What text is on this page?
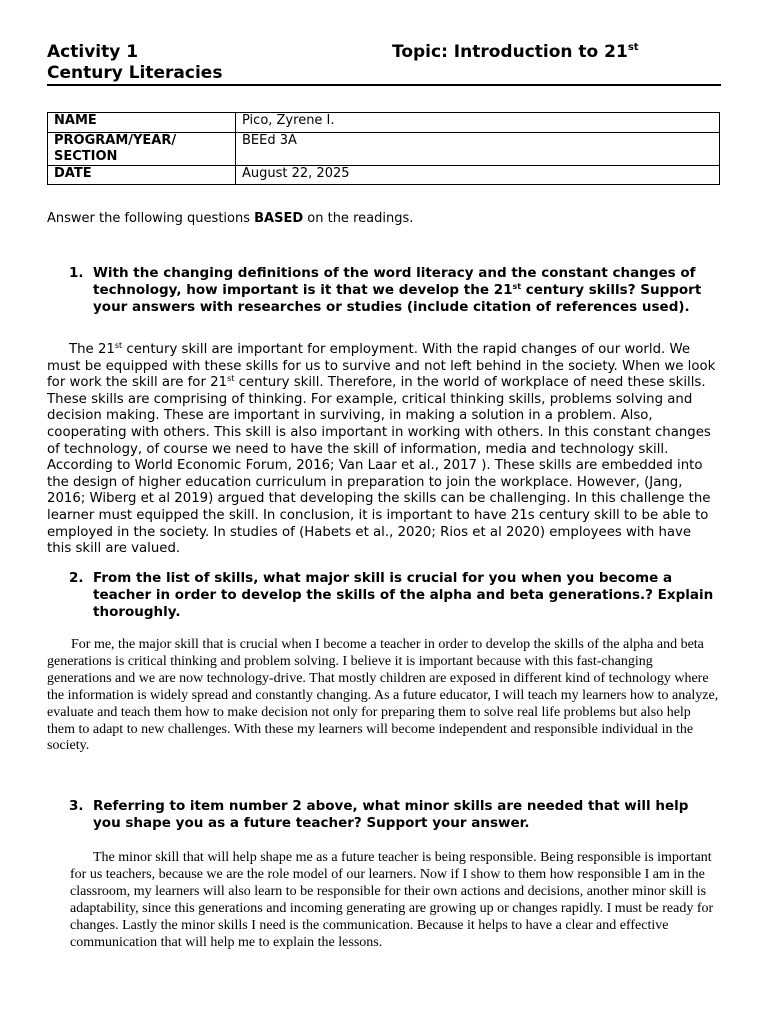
Activity 1
Century Literacies
Topic: Introduction to 21st
NAME	Pico, Zyrene I.

PROGRAM/YEAR/
SECTION	BEEd 3A
DATE	August 22, 2025
Answer the following questions BASED on the readings.
1. With the changing definitions of the word literacy and the constant changes of technology, how important is it that we develop the 21st century skills? Support your answers with researches or studies (include citation of references used).

The 21st century skill are important for employment. With the rapid changes of our world. We must be equipped with these skills for us to survive and not left behind in the society. When we look for work the skill are for 21st century skill. Therefore, in the world of workplace of need these skills. These skills are comprising of thinking. For example, critical thinking skills, problems solving and decision making. These are important in surviving, in making a solution in a problem. Also, cooperating with others. This skill is also important in working with others. In this constant changes of technology, of course we need to have the skill of information, media and technology skill. According to World Economic Forum, 2016; Van Laar et al., 2017 ). These skills are embedded into the design of higher education curriculum in preparation to join the workplace. However, (Jang, 2016; Wiberg et al 2019) argued that developing the skills can be challenging. In this challenge the learner must equipped the skill. In conclusion, it is important to have 21s century skill to be able to employed in the society. In studies of (Habets et al., 2020; Rios et al 2020) employees with have this skill are valued.

2. From the list of skills, what major skill is crucial for you when you become a teacher in order to develop the skills of the alpha and beta generations.? Explain thoroughly.

For me, the major skill that is crucial when I become a teacher in order to develop the skills of the alpha and beta generations is critical thinking and problem solving. I believe it is important because with this fast-changing generations and we are now technology-drive. That mostly children are exposed in different kind of technology where the information is widely spread and constantly changing. As a future educator, I will teach my learners how to analyze, evaluate and teach them how to make decision not only for preparing them to solve real life problems but also help them to adapt to new challenges. With these my learners will become independent and responsible individual in the society.

3. Referring to item number 2 above, what minor skills are needed that will help you shape you as a future teacher? Support your answer.

The minor skill that will help shape me as a future teacher is being responsible. Being responsible is important for us teachers, because we are the role model of our learners. Now if I show to them how responsible I am in the classroom, my learners will also learn to be responsible for their own actions and decisions, another minor skill is adaptability, since this generations and incoming generating are growing up or changes rapidly. I must be ready for changes. Lastly the minor skills I need is the communication. Because it helps to have a clear and effective communication that will help me to explain the lessons.
